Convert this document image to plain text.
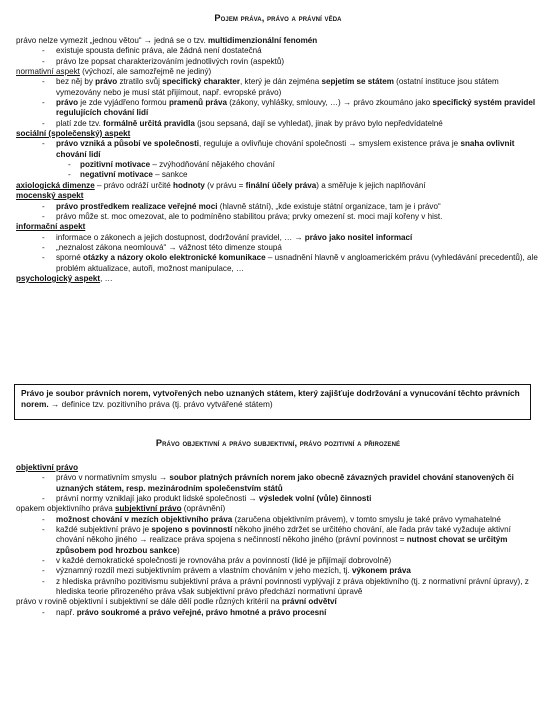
Pojem práva, právo a právní věda
právo nelze vymezit „jednou větou“ → jedná se o tzv. multidimenzionální fenomén
-	existuje spousta definic práva, ale žádná není dostatečná
-	právo lze popsat charakterizováním jednotlivých rovin (aspektů)
normativní aspekt (výchozí, ale samozřejmě ne jediný)
-	bez něj by právo ztratilo svůj specifický charakter, který je dán zejména sepjetím se státem (ostatní instituce jsou státem vymezovány nebo je musí stát přijímout, např. evropské právo)
-	právo je zde vyjádřeno formou pramenů práva (zákony, vyhlášky, smlouvy, …) → právo zkoumáno jako specifický systém pravidel regulujících chování lidí
-	platí zde tzv. formálně určitá pravidla (jsou sepsaná, dají se vyhledat), jinak by právo bylo nepředvídatelné
sociální (společenský) aspekt
-	právo vzniká a působí ve společnosti, reguluje a ovlivňuje chování společnosti → smyslem existence práva je snaha ovlivnit chování lidí
-	pozitivní motivace – zvýhodňování nějakého chování
-	negativní motivace – sankce
axiologická dimenze – právo odráží určité hodnoty (v právu = finální účely práva) a směřuje k jejich naplňování
mocenský aspekt
-	právo prostředkem realizace veřejné moci (hlavně státní), „kde existuje státní organizace, tam je i právo“
-	právo může st. moc omezovat, ale to podmíněno stabilitou práva; prvky omezení st. moci mají kořeny v hist.
informační aspekt
-	informace o zákonech a jejich dostupnost, dodržování pravidel, … → právo jako nositel informací
-	„neznalost zákona neomlouvá“ → vážnost této dimenze stoupá
-	sporné otázky a názory okolo elektronické komunikace – usnadnění hlavně v angloamerickém právu (vyhledávání precedentů), ale problém aktualizace, autoři, možnost manipulace, …
psychologický aspekt, …
Právo je soubor právních norem, vytvořených nebo uznaných státem, který zajišťuje dodržování a vynucování těchto právních norem. → definice tzv. pozitivního práva (tj. právo vytvářené státem)
Právo objektivní a právo subjektivní, právo pozitivní a přirozené
objektivní právo
-	právo v normativním smyslu → soubor platných právních norem jako obecně závazných pravidel chování stanovených či uznaných státem, resp. mezinárodním společenstvím států
-	právní normy vzniklají jako produkt lidské společnosti → výsledek volní (vůle) činnosti
opakem objektivního práva subjektivní právo (oprávnění)
-	možnost chování v mezích objektivního práva (zaručena objektivním právem), v tomto smyslu je také právo vymahatelné
-	každé subjektivní právo je spojeno s povinností někoho jiného zdržet se určitého chování, ale řada práv také vyžaduje aktivní chování někoho jiného → realizace práva spojena s nečinností někoho jiného (právní povinnost = nutnost chovat se určitým způsobem pod hrozbou sankce)
-	v každé demokratické společnosti je rovnováha práv a povinností (lidé je přijímají dobrovolně)
-	významný rozdíl mezi subjektivním právem a vlastním chováním v jeho mezích, tj. výkonem práva
-	z hlediska právního pozitivismu subjektivní práva a právní povinnosti vyplývají z práva objektivního (tj. z normativní právní úpravy), z hlediska teorie přirozeného práva však subjektivní právo předchází normativní úpravě
právo v rovině objektivní i subjektivní se dále dělí podle různých kritérií na právní odvětví
-	např. právo soukromé a právo veřejné, právo hmotné a právo procesní
